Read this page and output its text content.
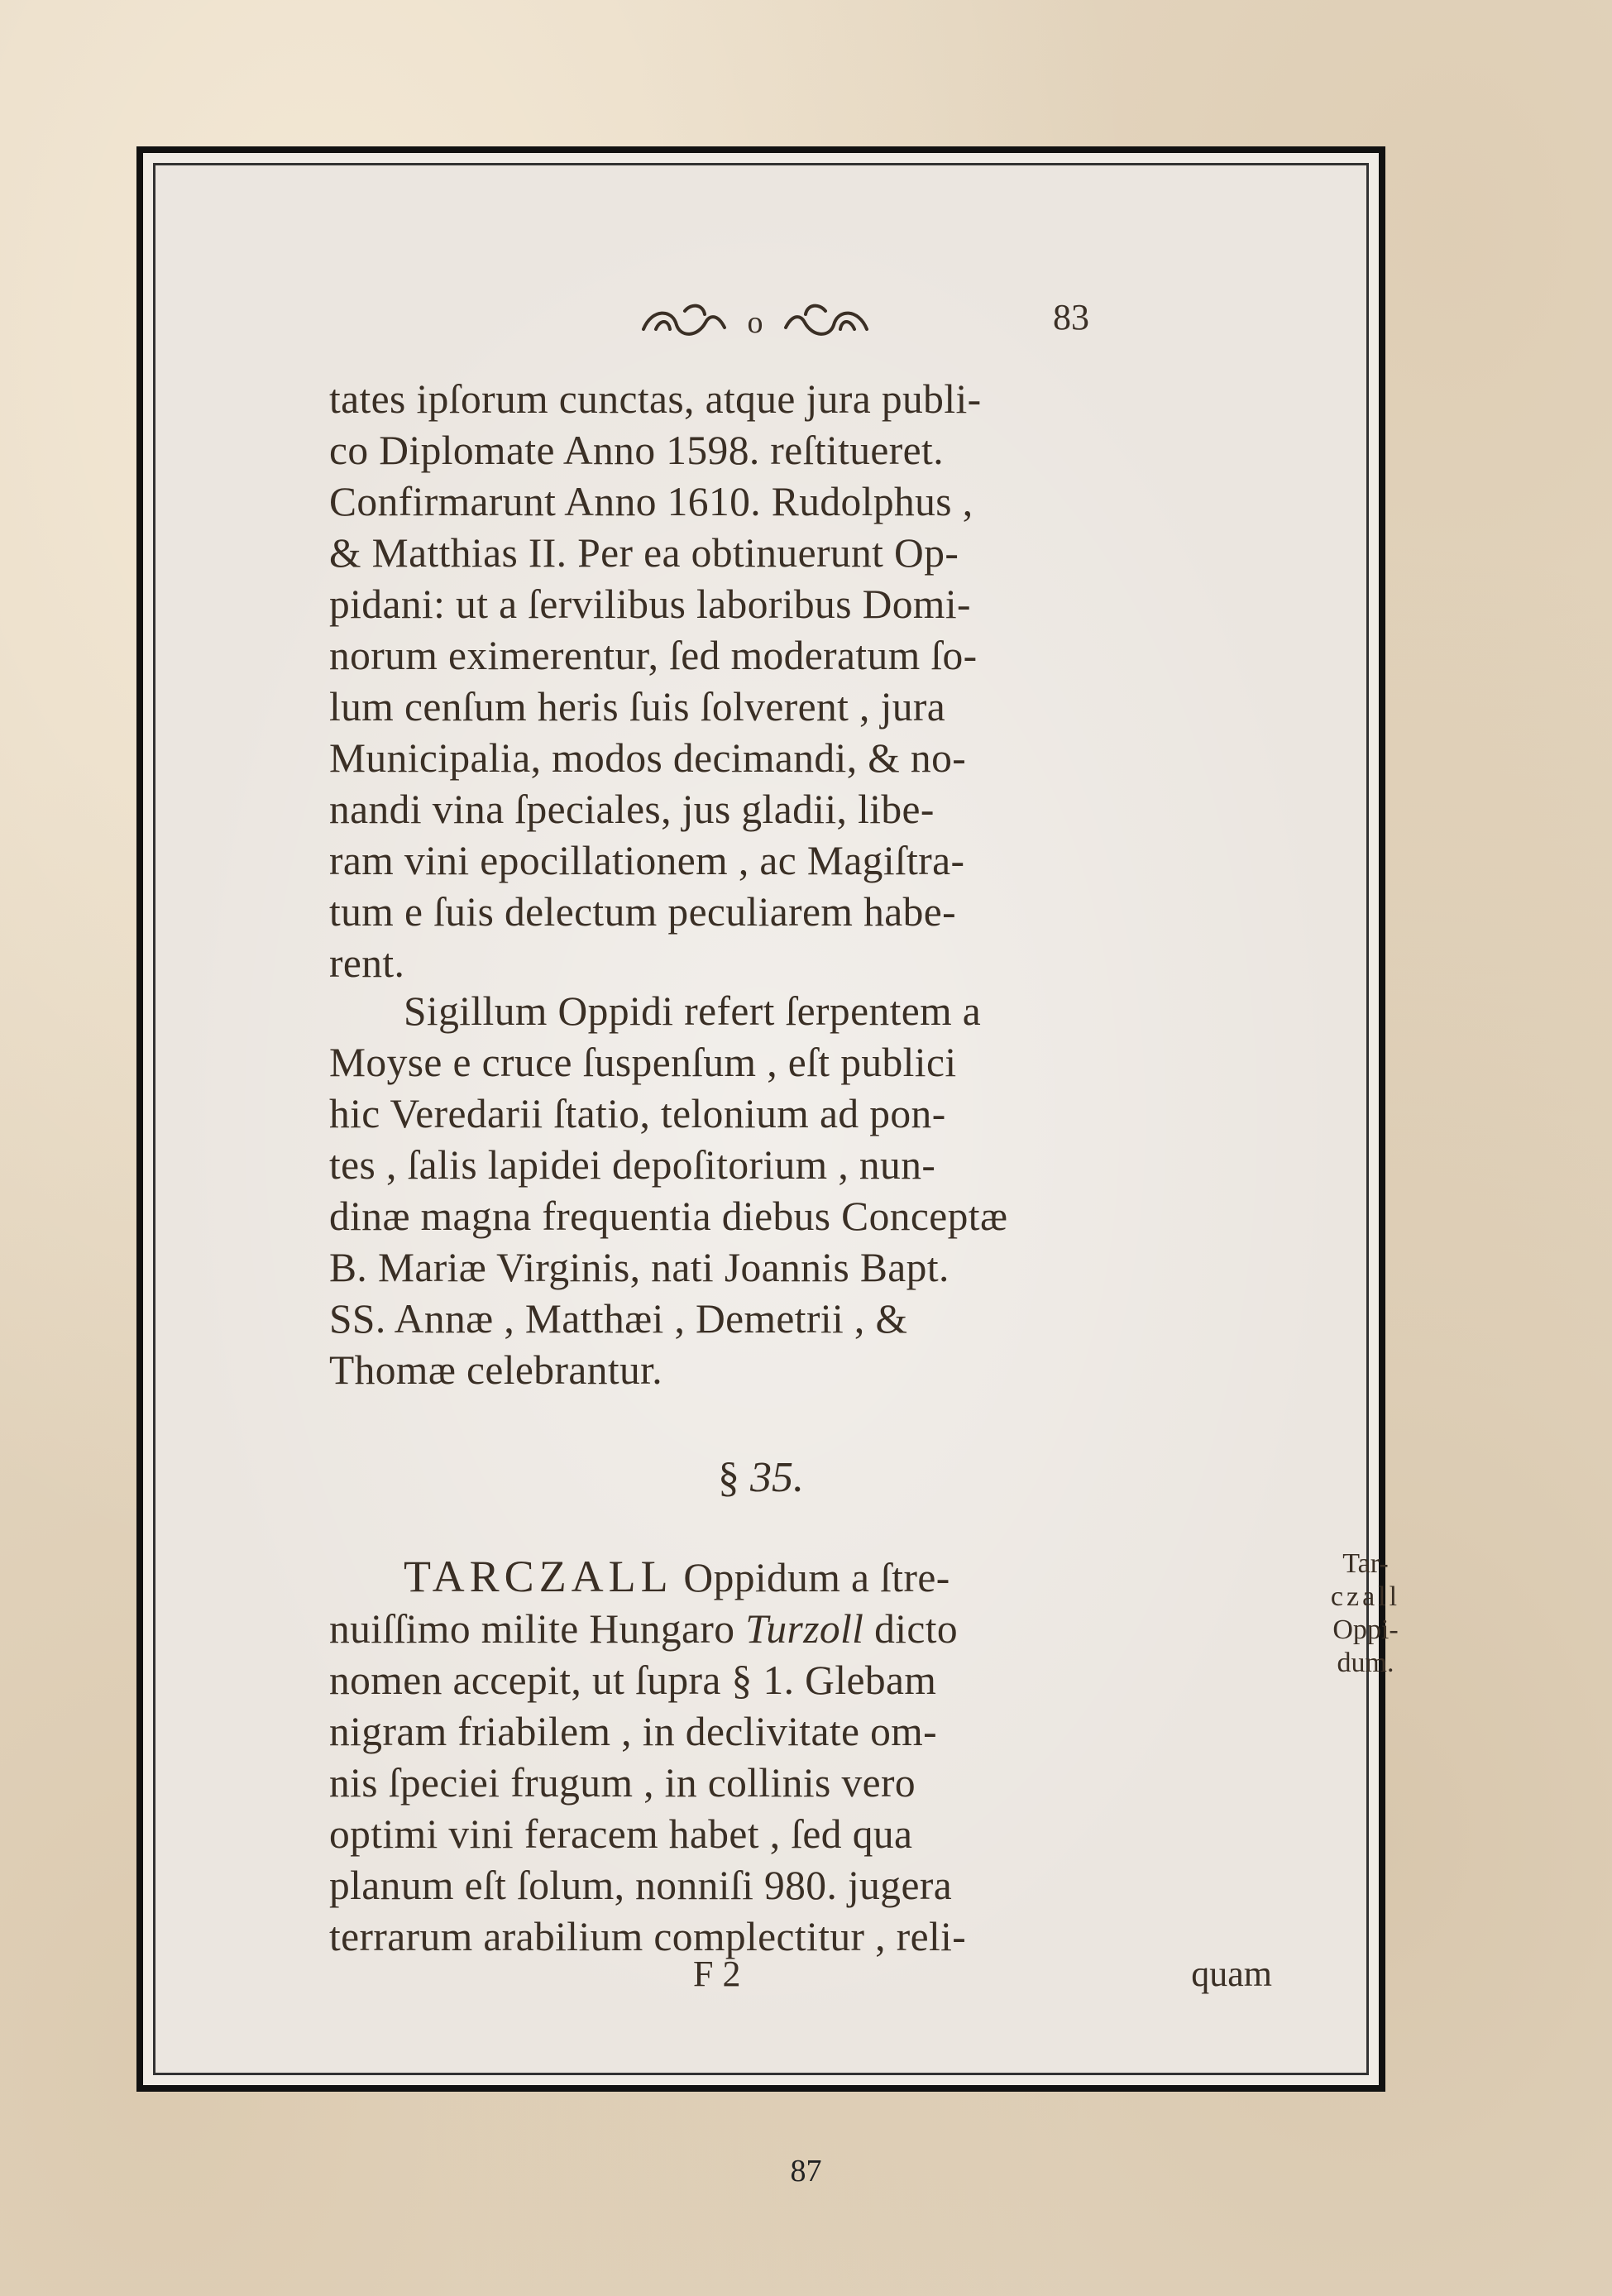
o	83

tates ipſorum cunctas, atque jura publi-

co Diplomate Anno 1598. reſtitueret.

Confirmarunt Anno 1610. Rudolphus ,

& Matthias II. Per ea obtinuerunt Op-

pidani: ut a ſervilibus laboribus Domi-

norum eximerentur, ſed moderatum ſo-

lum cenſum heris ſuis ſolverent , jura

Municipalia, modos decimandi, & no-

nandi vina ſpeciales, jus gladii, libe-

ram vini epocillationem , ac Magiſtra-

tum e ſuis delectum peculiarem habe-

rent.

Sigillum Oppidi refert ſerpentem a

Moyse e cruce ſuspenſum , eſt publici

hic Veredarii ſtatio, telonium ad pon-

tes , ſalis lapidei depoſitorium , nun-

dinæ magna frequentia diebus Conceptæ

B. Mariæ Virginis, nati Joannis Bapt.

SS. Annæ , Matthæi , Demetrii , &

Thomæ celebrantur.

§ 35.

TARCZALL Oppidum a ſtre-

nuiſſimo milite Hungaro Turzoll dicto

nomen accepit, ut ſupra § 1. Glebam

nigram friabilem , in declivitate om-

nis ſpeciei frugum , in collinis vero

optimi vini feracem habet , ſed qua

planum eſt ſolum, nonniſi 980. jugera

terrarum arabilium complectitur , reli-

Tar-
czall
Oppi-
dum.
F 2	quam
87
